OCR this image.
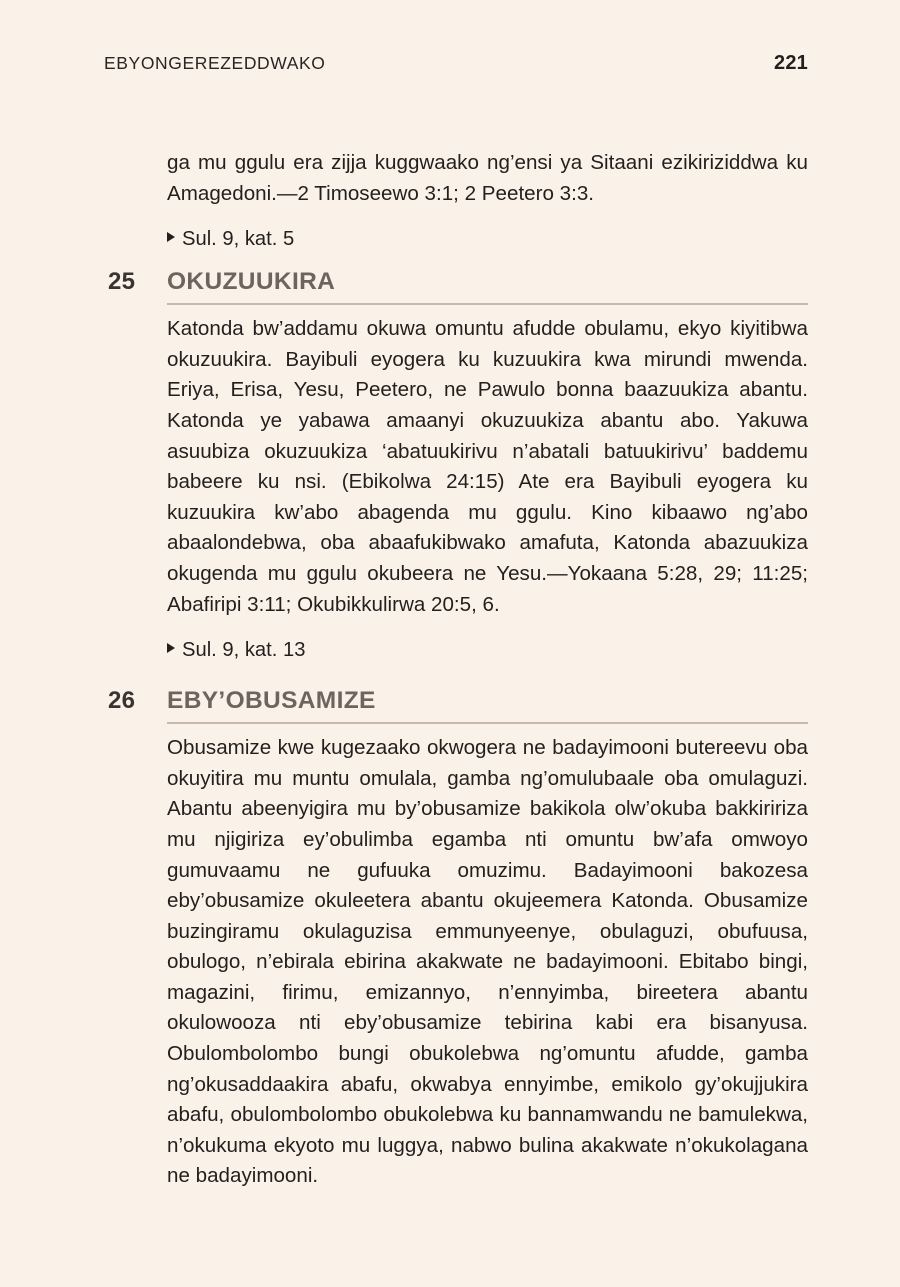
EBYONGEREZEDDWAKO	221

ga mu ggulu era zijja kuggwaako ng’ensi ya Sitaani ezikiriziddwa ku Amagedoni.—2 Timoseewo 3:1; 2 Peetero 3:3.

Sul. 9, kat. 5

25	OKUZUUKIRA

Katonda bw’addamu okuwa omuntu afudde obulamu, ekyo kiyitibwa okuzuukira. Bayibuli eyogera ku kuzuukira kwa mirundi mwenda. Eriya, Erisa, Yesu, Peetero, ne Pawulo bonna baazuukiza abantu. Katonda ye yabawa amaanyi okuzuukiza abantu abo. Yakuwa asuubiza okuzuukiza ‘abatuukirivu n’abatali batuukirivu’ baddemu babeere ku nsi. (Ebikolwa 24:15) Ate era Bayibuli eyogera ku kuzuukira kw’abo abagenda mu ggulu. Kino kibaawo ng’abo abaalondebwa, oba abaafukibwako amafuta, Katonda abazuukiza okugenda mu ggulu okubeera ne Yesu.—Yokaana 5:28, 29; 11:25; Abafiripi 3:11; Okubikkulirwa 20:5, 6.

Sul. 9, kat. 13

26	EBY’OBUSAMIZE

Obusamize kwe kugezaako okwogera ne badayimooni butereevu oba okuyitira mu muntu omulala, gamba ng’omulubaale oba omulaguzi. Abantu abeenyigira mu by’obusamize bakikola olw’okuba bakkiririza mu njigiriza ey’obulimba egamba nti omuntu bw’afa omwoyo gumuvaamu ne gufuuka omuzimu. Badayimooni bakozesa eby’obusamize okuleetera abantu okujeemera Katonda. Obusamize buzingiramu okulaguzisa emmunyeenye, obulaguzi, obufuusa, obulogo, n’ebirala ebirina akakwate ne badayimooni. Ebitabo bingi, magazini, firimu, emizannyo, n’ennyimba, bireetera abantu okulowooza nti eby’obusamize tebirina kabi era bisanyusa. Obulombolombo bungi obukolebwa ng’omuntu afudde, gamba ng’okusaddaakira abafu, okwabya ennyimbe, emikolo gy’okujjukira abafu, obulombolombo obukolebwa ku bannamwandu ne bamulekwa, n’okukuma ekyoto mu luggya, nabwo bulina akakwate n’okukolagana ne badayimooni.
